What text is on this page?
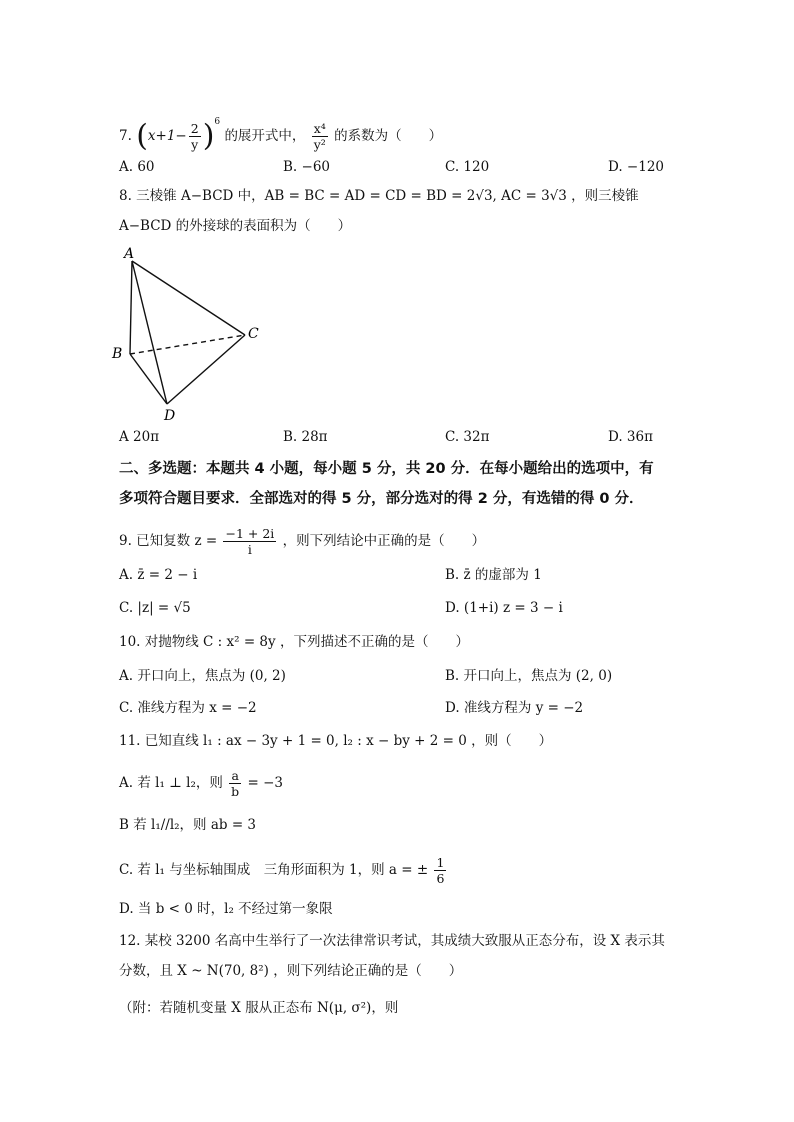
7. $(x+1- \frac{2}{y} )^6$ 的展开式中， $\frac{\text{x⁴}}{\text{y²}}$ 的系数为（　　）
A. 60	B. −60	C. 120	D. −120
8. 三棱锥 A−BCD 中，AB = BC = AD = CD = BD = 2√3, AC = 3√3 ，则三棱锥
A−BCD 的外接球的表面积为（　　）
A
B
C
D
A 20π	B. 28π	C. 32π	D. 36π
二、多选题：本题共 4 小题，每小题 5 分，共 20 分．在每小题给出的选项中，有
多项符合题目要求．全部选对的得 5 分，部分选对的得 2 分，有选错的得 0 分．
9. 已知复数 $z = \frac{-1 + 2i}{i}$ ，则下列结论中正确的是（　　）
A. z̄ = 2 − i	B. z̄ 的虚部为 1
C. |z| = √5	D. (1+i) z = 3 − i
10. 对抛物线 C : x² = 8y ，下列描述不正确的是（　　）
A. 开口向上，焦点为 (0, 2)	B. 开口向上，焦点为 (2, 0)
C. 准线方程为 x = −2	D. 准线方程为 y = −2
11. 已知直线 l₁ : ax − 3y + 1 = 0, l₂ : x − by + 2 = 0 ，则（　　）
A. 若 l₁ ⊥ l₂，则 $\frac{a}{b} = -3$
B 若 l₁//l₂，则 ab = 3
C. 若 l₁ 与坐标轴围成　三角形面积为 1，则 a = ± $\frac{1}{6}$
D. 当 b < 0 时，l₂ 不经过第一象限
12. 某校 3200 名高中生举行了一次法律常识考试，其成绩大致服从正态分布，设 X 表示其
分数，且 X ~ N(70, 8²) ，则下列结论正确的是（　　）
（附：若随机变量 X 服从正态布 N(μ, σ²)，则
